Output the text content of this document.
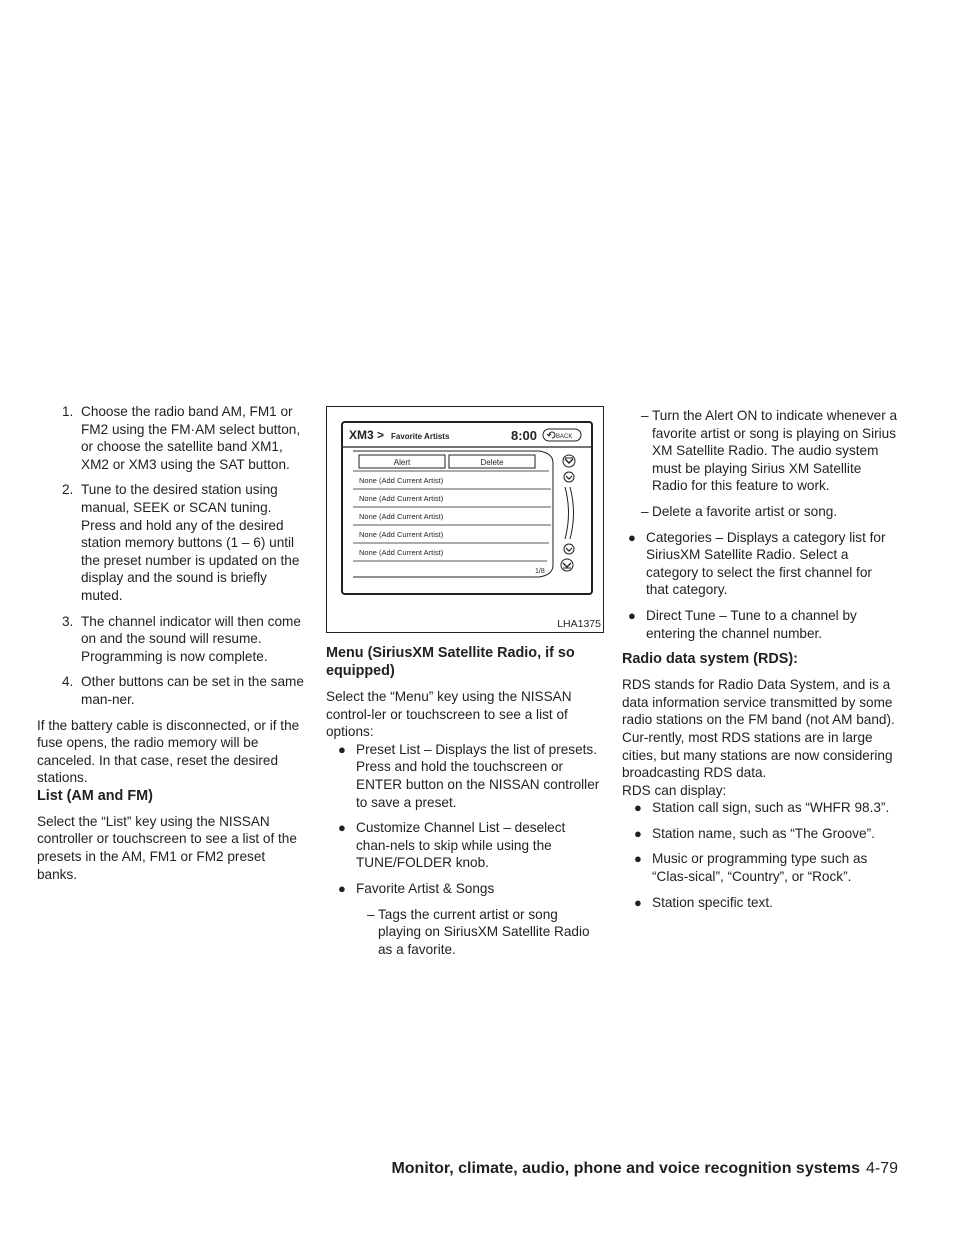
1. Choose the radio band AM, FM1 or FM2 using the FM·AM select button, or choose the satellite band XM1, XM2 or XM3 using the SAT button.
2. Tune to the desired station using manual, SEEK or SCAN tuning. Press and hold any of the desired station memory buttons (1 – 6) until the preset number is updated on the display and the sound is briefly muted.
3. The channel indicator will then come on and the sound will resume. Programming is now complete.
4. Other buttons can be set in the same man-ner.

If the battery cable is disconnected, or if the fuse opens, the radio memory will be canceled. In that case, reset the desired stations.

List (AM and FM)

Select the “List” key using the NISSAN controller or touchscreen to see a list of the presets in the AM, FM1 or FM2 preset banks.

XM3 > Favorite Artists	8:00	BACK
Alert	Delete
None (Add Current Artist)
None (Add Current Artist)
None (Add Current Artist)
None (Add Current Artist)
None (Add Current Artist)
1/8
LHA1375
Menu (SiriusXM Satellite Radio, if so equipped)

Select the “Menu” key using the NISSAN control-ler or touchscreen to see a list of options:

● Preset List – Displays the list of presets. Press and hold the touchscreen or ENTER button on the NISSAN controller to save a preset.
● Customize Channel List – deselect chan-nels to skip while using the TUNE/FOLDER knob.
● Favorite Artist & Songs
– Tags the current artist or song playing on SiriusXM Satellite Radio as a favorite.
– Turn the Alert ON to indicate whenever a favorite artist or song is playing on Sirius XM Satellite Radio. The audio system must be playing Sirius XM Satellite Radio for this feature to work.
– Delete a favorite artist or song.
● Categories – Displays a category list for SiriusXM Satellite Radio. Select a category to select the first channel for that category.
● Direct Tune – Tune to a channel by entering the channel number.
Radio data system (RDS):

RDS stands for Radio Data System, and is a data information service transmitted by some radio stations on the FM band (not AM band). Cur-rently, most RDS stations are in large cities, but many stations are now considering broadcasting RDS data.

RDS can display:

● Station call sign, such as “WHFR 98.3”.
● Station name, such as “The Groove”.
● Music or programming type such as “Clas-sical”, “Country”, or “Rock”.
● Station specific text.
Monitor, climate, audio, phone and voice recognition systems 4-79
